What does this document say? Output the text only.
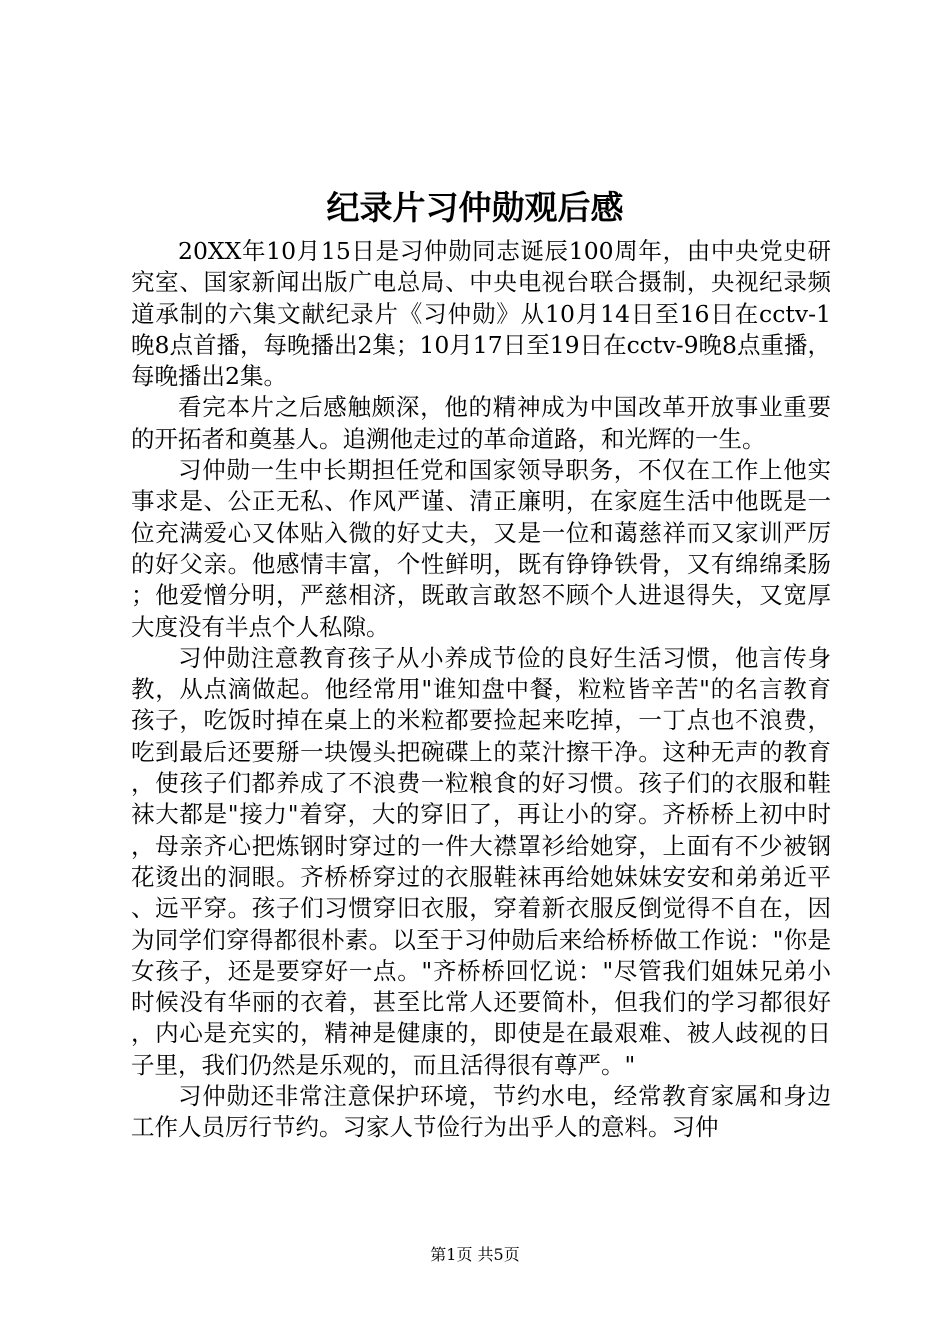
纪录片习仲勋观后感

20XX年10月15日是习仲勋同志诞辰100周年，由中央党史研究室、国家新闻出版广电总局、中央电视台联合摄制，央视纪录频道承制的六集文献纪录片《习仲勋》从10月14日至16日在cctv-1晚8点首播，每晚播出2集；10月17日至19日在cctv-9晚8点重播，每晚播出2集。

看完本片之后感触颇深，他的精神成为中国改革开放事业重要的开拓者和奠基人。追溯他走过的革命道路，和光辉的一生。

习仲勋一生中长期担任党和国家领导职务，不仅在工作上他实事求是、公正无私、作风严谨、清正廉明，在家庭生活中他既是一位充满爱心又体贴入微的好丈夫，又是一位和蔼慈祥而又家训严厉的好父亲。他感情丰富，个性鲜明，既有铮铮铁骨，又有绵绵柔肠；他爱憎分明，严慈相济，既敢言敢怒不顾个人进退得失，又宽厚大度没有半点个人私隙。

习仲勋注意教育孩子从小养成节俭的良好生活习惯，他言传身教，从点滴做起。他经常用"谁知盘中餐，粒粒皆辛苦"的名言教育孩子，吃饭时掉在桌上的米粒都要捡起来吃掉，一丁点也不浪费，吃到最后还要掰一块馒头把碗碟上的菜汁擦干净。这种无声的教育，使孩子们都养成了不浪费一粒粮食的好习惯。孩子们的衣服和鞋袜大都是"接力"着穿，大的穿旧了，再让小的穿。齐桥桥上初中时，母亲齐心把炼钢时穿过的一件大襟罩衫给她穿，上面有不少被钢花烫出的洞眼。齐桥桥穿过的衣服鞋袜再给她妹妹安安和弟弟近平、远平穿。孩子们习惯穿旧衣服，穿着新衣服反倒觉得不自在，因为同学们穿得都很朴素。以至于习仲勋后来给桥桥做工作说："你是女孩子，还是要穿好一点。"齐桥桥回忆说："尽管我们姐妹兄弟小时候没有华丽的衣着，甚至比常人还要简朴，但我们的学习都很好，内心是充实的，精神是健康的，即使是在最艰难、被人歧视的日子里，我们仍然是乐观的，而且活得很有尊严。"

习仲勋还非常注意保护环境，节约水电，经常教育家属和身边工作人员厉行节约。习家人节俭行为出乎人的意料。习仲

第1页 共5页
